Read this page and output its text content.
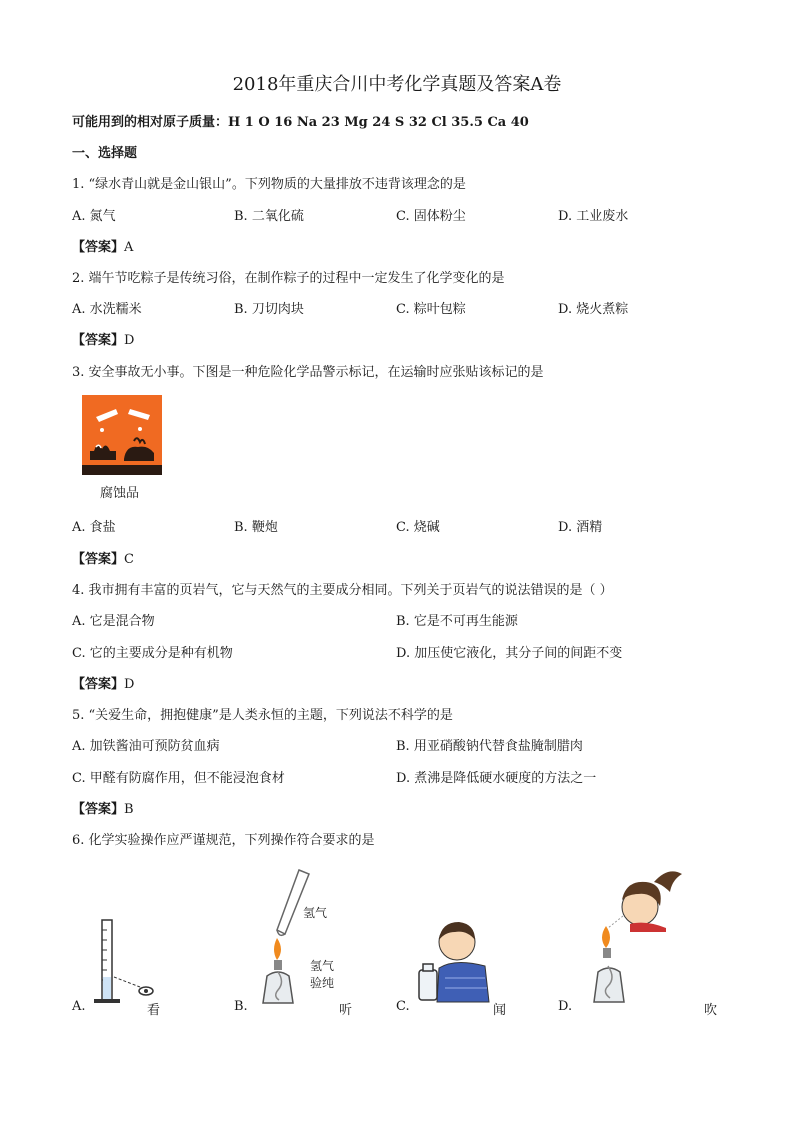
2018年重庆合川中考化学真题及答案A卷
可能用到的相对原子质量：H 1 O 16 Na 23 Mg 24 S 32 Cl 35.5 Ca 40
一、选择题
1. “绿水青山就是金山银山”。下列物质的大量排放不违背该理念的是
A. 氮气	B. 二氧化硫	C. 固体粉尘	D. 工业废水
【答案】A
2. 端午节吃粽子是传统习俗，在制作粽子的过程中一定发生了化学变化的是
A. 水洗糯米	B. 刀切肉块	C. 粽叶包粽	D. 烧火煮粽
【答案】D
3. 安全事故无小事。下图是一种危险化学品警示标记，在运输时应张贴该标记的是
腐蚀品
A. 食盐	B. 鞭炮	C. 烧碱	D. 酒精
【答案】C
4. 我市拥有丰富的页岩气，它与天然气的主要成分相同。下列关于页岩气的说法错误的是（ ）
A. 它是混合物	B. 它是不可再生能源
C. 它的主要成分是种有机物	D. 加压使它液化，其分子间的间距不变
【答案】D
5. “关爱生命，拥抱健康”是人类永恒的主题，下列说法不科学的是
A. 加铁酱油可预防贫血病	B. 用亚硝酸钠代替食盐腌制腊肉
C. 甲醛有防腐作用，但不能浸泡食材	D. 煮沸是降低硬水硬度的方法之一
【答案】B
6. 化学实验操作应严谨规范，下列操作符合要求的是
A.	看
氢气
氢气
验纯
B.	听	C.	闻	D.	吹
